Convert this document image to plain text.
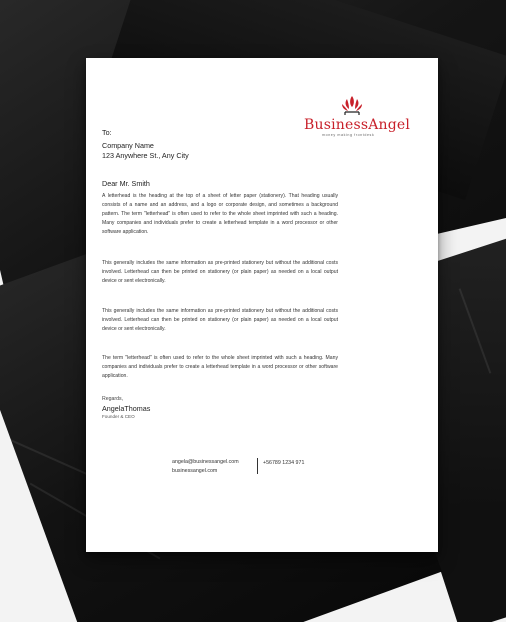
BusinessAngel
money making frontdesk
To:
Company Name
123 Anywhere St., Any City
Dear Mr. Smith
A letterhead is the heading at the top of a sheet of letter paper (stationery). That heading usually consists of a name and an address, and a logo or corporate design, and sometimes a background pattern. The term "letterhead" is often used to refer to the whole sheet imprinted with such a heading. Many companies and individuals prefer to create a letterhead template in a word processor or other software application.
This generally includes the same information as pre-printed stationery but without the additional costs involved. Letterhead can then be printed on stationery (or plain paper) as needed on a local output device or sent electronically.
This generally includes the same information as pre-printed stationery but without the additional costs involved. Letterhead can then be printed on stationery (or plain paper) as needed on a local output device or sent electronically.
The term "letterhead" is often used to refer to the whole sheet imprinted with such a heading. Many companies and individuals prefer to create a letterhead template in a word processor or other software application.
Regards,
AngelaThomas
Founder & CEO
angela@businessangel.com
businessangel.com
+56789 1234 971
